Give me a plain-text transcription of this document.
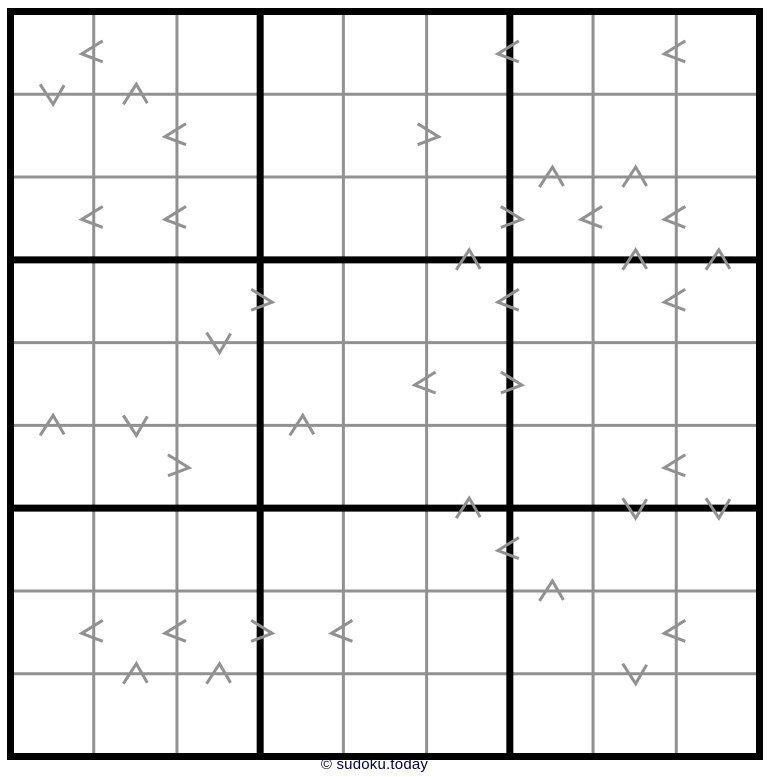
© sudoku.today
